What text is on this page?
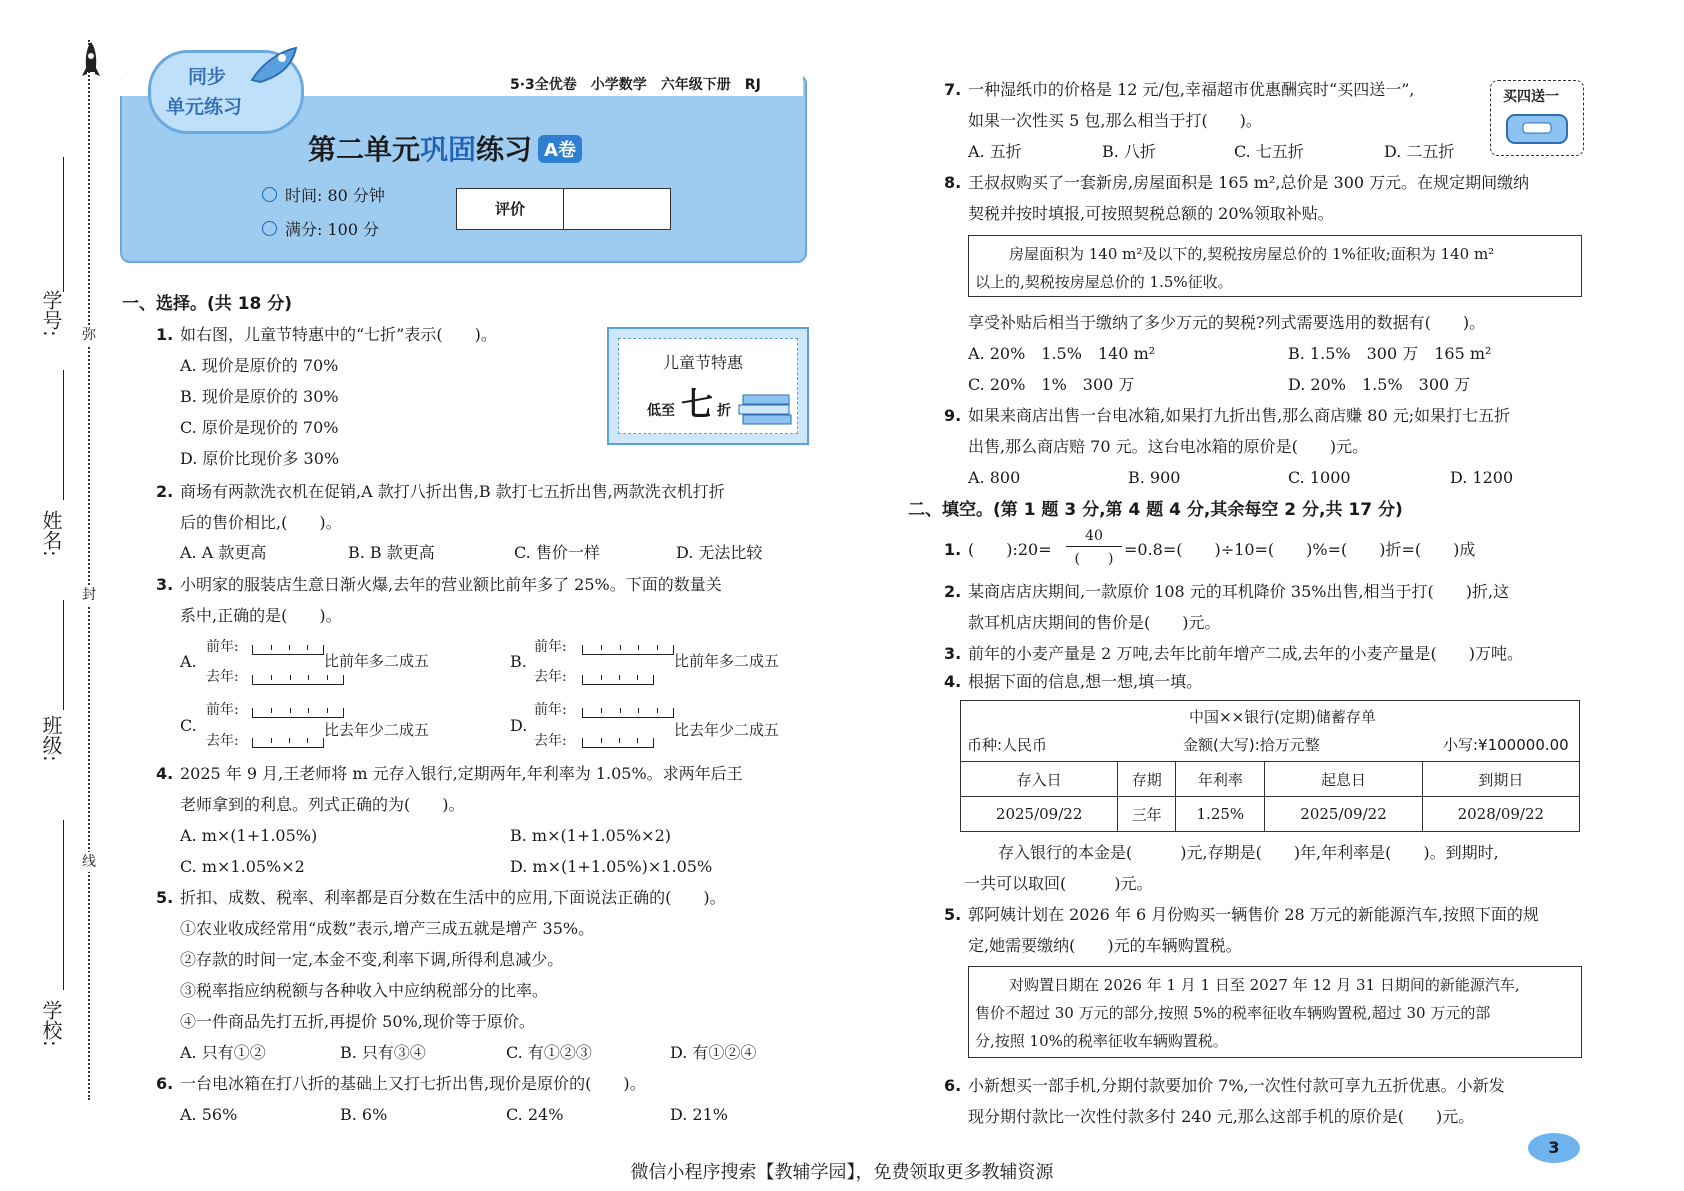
弥
封
线
学号:
姓名:
班级:
学校:
同步
单元练习
5·3全优卷　小学数学　六年级下册　RJ
第二单元巩固练习 A卷
时间: 80 分钟
满分: 100 分
评价
一、选择。(共 18 分)
1. 如右图，儿童节特惠中的“七折”表示(　　)。
A. 现价是原价的 70%
B. 现价是原价的 30%
C. 原价是现价的 70%
D. 原价比现价多 30%
儿童节特惠
低至 七 折
2. 商场有两款洗衣机在促销,A 款打八折出售,B 款打七五折出售,两款洗衣机打折
后的售价相比,(　　)。
A. A 款更高	B. B 款更高	C. 售价一样	D. 无法比较
3. 小明家的服装店生意日渐火爆,去年的营业额比前年多了 25%。下面的数量关
系中,正确的是(　　)。
A.
前年:
去年:
比前年多二成五	B.
前年:
去年:
比前年多二成五
C.
前年:
去年:
比去年少二成五	D.
前年:
去年:
比去年少二成五
4. 2025 年 9 月,王老师将 m 元存入银行,定期两年,年利率为 1.05%。求两年后王
老师拿到的利息。列式正确的为(　　)。
A. m×(1+1.05%)	B. m×(1+1.05%×2)
C. m×1.05%×2	D. m×(1+1.05%)×1.05%
5. 折扣、成数、税率、利率都是百分数在生活中的应用,下面说法正确的(　　)。
①农业收成经常用“成数”表示,增产三成五就是增产 35%。
②存款的时间一定,本金不变,利率下调,所得利息减少。
③税率指应纳税额与各种收入中应纳税部分的比率。
④一件商品先打五折,再提价 50%,现价等于原价。
A. 只有①②	B. 只有③④	C. 有①②③	D. 有①②④
6. 一台电冰箱在打八折的基础上又打七折出售,现价是原价的(　　)。
A. 56%	B. 6%	C. 24%	D. 21%
7. 一种湿纸巾的价格是 12 元/包,幸福超市优惠酬宾时“买四送一”,
如果一次性买 5 包,那么相当于打(　　)。
A. 五折	B. 八折	C. 七五折	D. 二五折
买四送一
8. 王叔叔购买了一套新房,房屋面积是 165 m²,总价是 300 万元。在规定期间缴纳
契税并按时填报,可按照契税总额的 20%领取补贴。
房屋面积为 140 m²及以下的,契税按房屋总价的 1%征收;面积为 140 m²
以上的,契税按房屋总价的 1.5%征收。
享受补贴后相当于缴纳了多少万元的契税?列式需要选用的数据有(　　)。
A. 20%　1.5%　140 m²	B. 1.5%　300 万　165 m²
C. 20%　1%　300 万	D. 20%　1.5%　300 万
9. 如果来商店出售一台电冰箱,如果打九折出售,那么商店赚 80 元;如果打七五折
出售,那么商店赔 70 元。这台电冰箱的原价是(　　)元。
A. 800	B. 900	C. 1000	D. 1200
二、填空。(第 1 题 3 分,第 4 题 4 分,其余每空 2 分,共 17 分)
1. (　　):20=
40
(　　) =0.8=(　　)÷10=(　　)%=(　　)折=(　　)成
2. 某商店店庆期间,一款原价 108 元的耳机降价 35%出售,相当于打(　　)折,这
款耳机店庆期间的售价是(　　)元。
3. 前年的小麦产量是 2 万吨,去年比前年增产二成,去年的小麦产量是(　　)万吨。
4. 根据下面的信息,想一想,填一填。
中国××银行(定期)储蓄存单
币种:人民币 金额(大写):拾万元整 小写:¥100000.00				

存入日	存期	年利率	起息日	到期日
2025/09/22	三年	1.25%	2025/09/22	2028/09/22
存入银行的本金是(　　　)元,存期是(　　)年,年利率是(　　)。到期时,
一共可以取回(　　　)元。
5. 郭阿姨计划在 2026 年 6 月份购买一辆售价 28 万元的新能源汽车,按照下面的规
定,她需要缴纳(　　)元的车辆购置税。
对购置日期在 2026 年 1 月 1 日至 2027 年 12 月 31 日期间的新能源汽车,
售价不超过 30 万元的部分,按照 5%的税率征收车辆购置税,超过 30 万元的部
分,按照 10%的税率征收车辆购置税。
6. 小新想买一部手机,分期付款要加价 7%,一次性付款可享九五折优惠。小新发
现分期付款比一次性付款多付 240 元,那么这部手机的原价是(　　)元。
微信小程序搜索【教辅学园】，免费领取更多教辅资源
3
